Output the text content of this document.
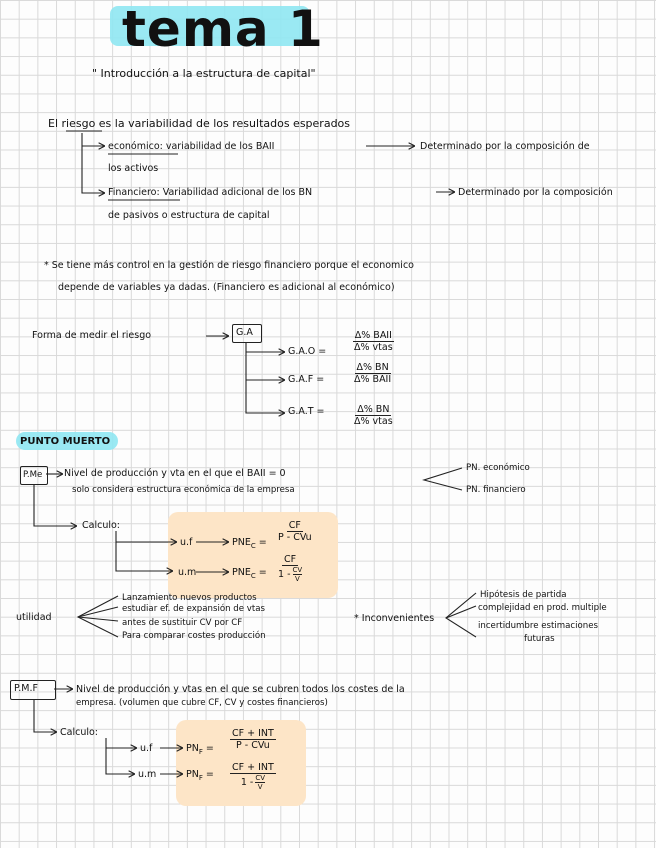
tema 1
" Introducción a la estructura de capital"
El riesgo es la variabilidad de los resultados esperados
económico: variabilidad de los BAII	Determinado por la composición de
los activos
Financiero: Variabilidad adicional de los BN	Determinado por la composición
de pasivos o estructura de capital
* Se tiene más control en la gestión de riesgo financiero porque el economico
depende de variables ya dadas. (Financiero es adicional al económico)
Forma de medir el riesgo	G.A
G.A.O =
Δ% BAII
Δ% vtas
G.A.F =
Δ% BN
Δ% BAII
G.A.T =	Δ% BN
Δ% vtas
PUNTO MUERTO
P.Me Nivel de producción y vta en el que el BAII = 0
solo considera estructura económica de la empresa
PN. económico
PN. financiero
Calculo:
u.f	$PNE_C$ =
CF
P - CVu
u.m	$PNE_C = \frac{CF}{1 - \frac{CV}{V}}$
utilidad
Lanzamiento nuevos productos
estudiar ef. de expansión de vtas
antes de sustituir CV por CF
Para comparar costes producción
* Inconvenientes
Hipótesis de partida
complejidad en prod. multiple
incertidumbre estimaciones
futuras
P.M.F	Nivel de producción y vtas en el que se cubren todos los costes de la
empresa. (volumen que cubre CF, CV y costes financieros)
Calculo:
u.f	$PN_F$ =
CF + INT
P - CVu
u.m	$PN_F$ =
CF + INT
$1 - \frac{CV}{V}$
